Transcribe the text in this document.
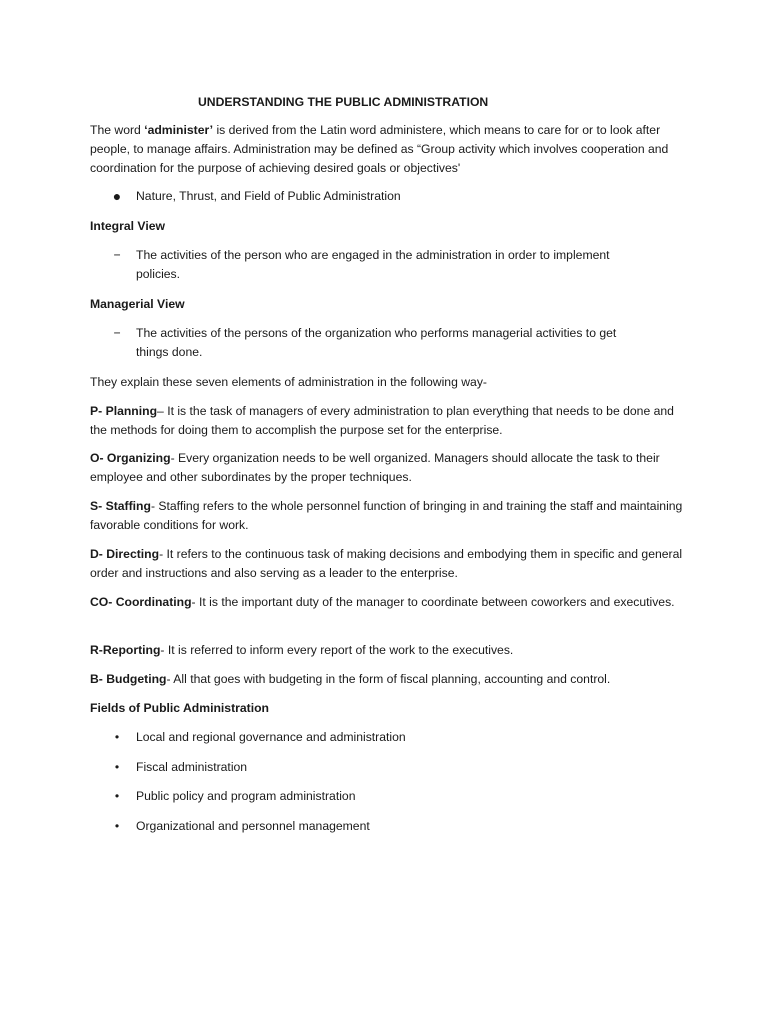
UNDERSTANDING THE PUBLIC ADMINISTRATION

The word ‘administer’ is derived from the Latin word administere, which means to care for or to look after people, to manage affairs. Administration may be defined as “Group activity which involves cooperation and coordination for the purpose of achieving desired goals or objectives'

● Nature, Thrust, and Field of Public Administration

Integral View

− The activities of the person who are engaged in the administration in order to implement policies.

Managerial View

− The activities of the persons of the organization who performs managerial activities to get things done.

They explain these seven elements of administration in the following way-

P- Planning– It is the task of managers of every administration to plan everything that needs to be done and the methods for doing them to accomplish the purpose set for the enterprise.

O- Organizing- Every organization needs to be well organized. Managers should allocate the task to their employee and other subordinates by the proper techniques.

S- Staffing- Staffing refers to the whole personnel function of bringing in and training the staff and maintaining favorable conditions for work.

D- Directing- It refers to the continuous task of making decisions and embodying them in specific and general order and instructions and also serving as a leader to the enterprise.

CO- Coordinating- It is the important duty of the manager to coordinate between coworkers and executives.

R-Reporting- It is referred to inform every report of the work to the executives.

B- Budgeting- All that goes with budgeting in the form of fiscal planning, accounting and control.

Fields of Public Administration

•	Local and regional governance and administration
•	Fiscal administration
•	Public policy and program administration
•	Organizational and personnel management
